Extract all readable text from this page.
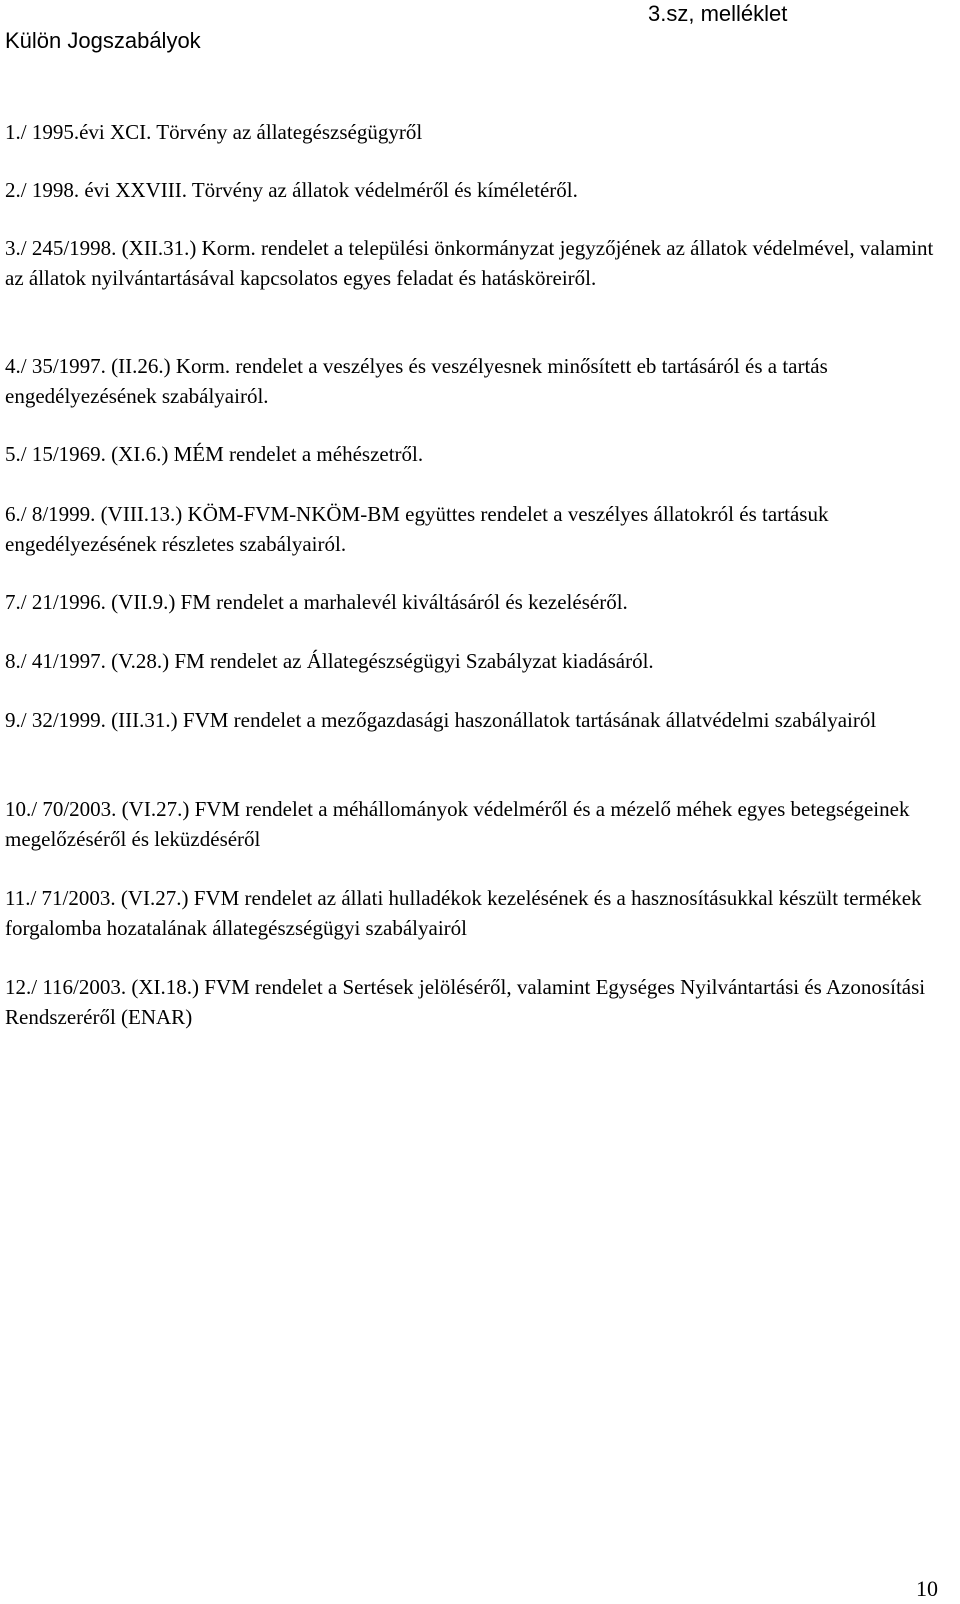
Külön Jogszabályok
3.sz, melléklet

1./ 1995.évi XCI. Törvény az állategészségügyről

2./ 1998. évi XXVIII. Törvény az állatok védelméről és kíméletéről.

3./ 245/1998. (XII.31.) Korm. rendelet a települési önkormányzat jegyzőjének az állatok védelmével, valamint az állatok nyilvántartásával kapcsolatos egyes feladat és hatásköreiről.

4./ 35/1997. (II.26.) Korm. rendelet a veszélyes és veszélyesnek minősített eb tartásáról és a tartás engedélyezésének szabályairól.

5./ 15/1969. (XI.6.) MÉM rendelet a méhészetről.

6./ 8/1999. (VIII.13.) KÖM-FVM-NKÖM-BM együttes rendelet a veszélyes állatokról és tartásuk engedélyezésének részletes szabályairól.

7./ 21/1996. (VII.9.) FM rendelet a marhalevél kiváltásáról és kezeléséről.

8./ 41/1997. (V.28.) FM rendelet az Állategészségügyi Szabályzat kiadásáról.

9./ 32/1999. (III.31.) FVM rendelet a mezőgazdasági haszonállatok tartásának állatvédelmi szabályairól

10./ 70/2003. (VI.27.) FVM rendelet a méhállományok védelméről és a mézelő méhek egyes betegségeinek megelőzéséről és leküzdéséről

11./ 71/2003. (VI.27.) FVM rendelet az állati hulladékok kezelésének és a hasznosításukkal készült termékek forgalomba hozatalának állategészségügyi szabályairól

12./ 116/2003. (XI.18.) FVM rendelet a Sertések jelöléséről, valamint Egységes Nyilvántartási és Azonosítási Rendszeréről (ENAR)

10
